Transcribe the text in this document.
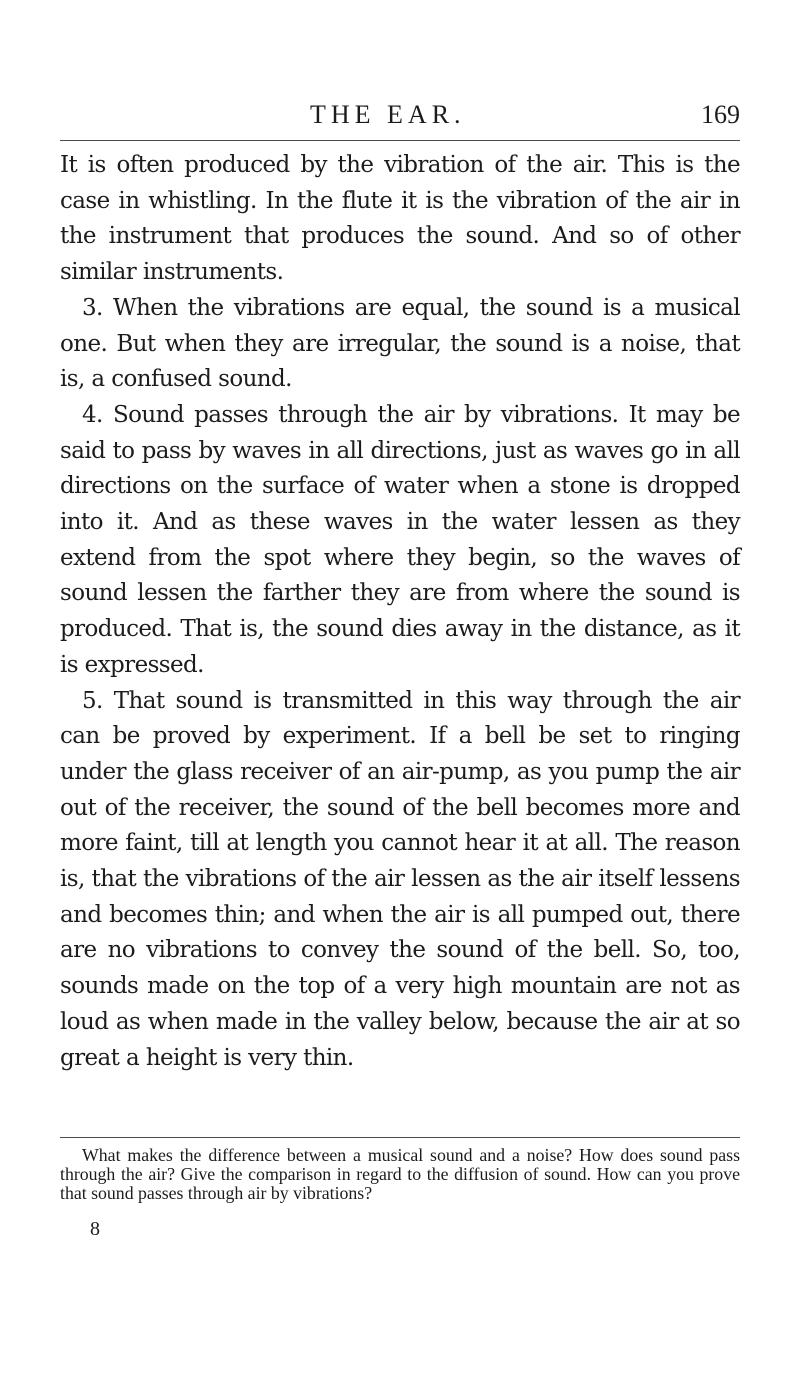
THE EAR.	169

It is often produced by the vibration of the air. This is the case in whistling. In the flute it is the vibration of the air in the instrument that produces the sound. And so of other similar instruments.

3. When the vibrations are equal, the sound is a musical one. But when they are irregular, the sound is a noise, that is, a confused sound.

4. Sound passes through the air by vibrations. It may be said to pass by waves in all directions, just as waves go in all directions on the surface of water when a stone is dropped into it. And as these waves in the water lessen as they extend from the spot where they begin, so the waves of sound lessen the farther they are from where the sound is produced. That is, the sound dies away in the distance, as it is expressed.

5. That sound is transmitted in this way through the air can be proved by experiment. If a bell be set to ringing under the glass receiver of an air-pump, as you pump the air out of the receiver, the sound of the bell becomes more and more faint, till at length you cannot hear it at all. The reason is, that the vibrations of the air lessen as the air itself lessens and becomes thin; and when the air is all pumped out, there are no vibrations to convey the sound of the bell. So, too, sounds made on the top of a very high mountain are not as loud as when made in the valley below, because the air at so great a height is very thin.

What makes the difference between a musical sound and a noise? How does sound pass through the air? Give the comparison in regard to the diffusion of sound. How can you prove that sound passes through air by vibrations?

8
